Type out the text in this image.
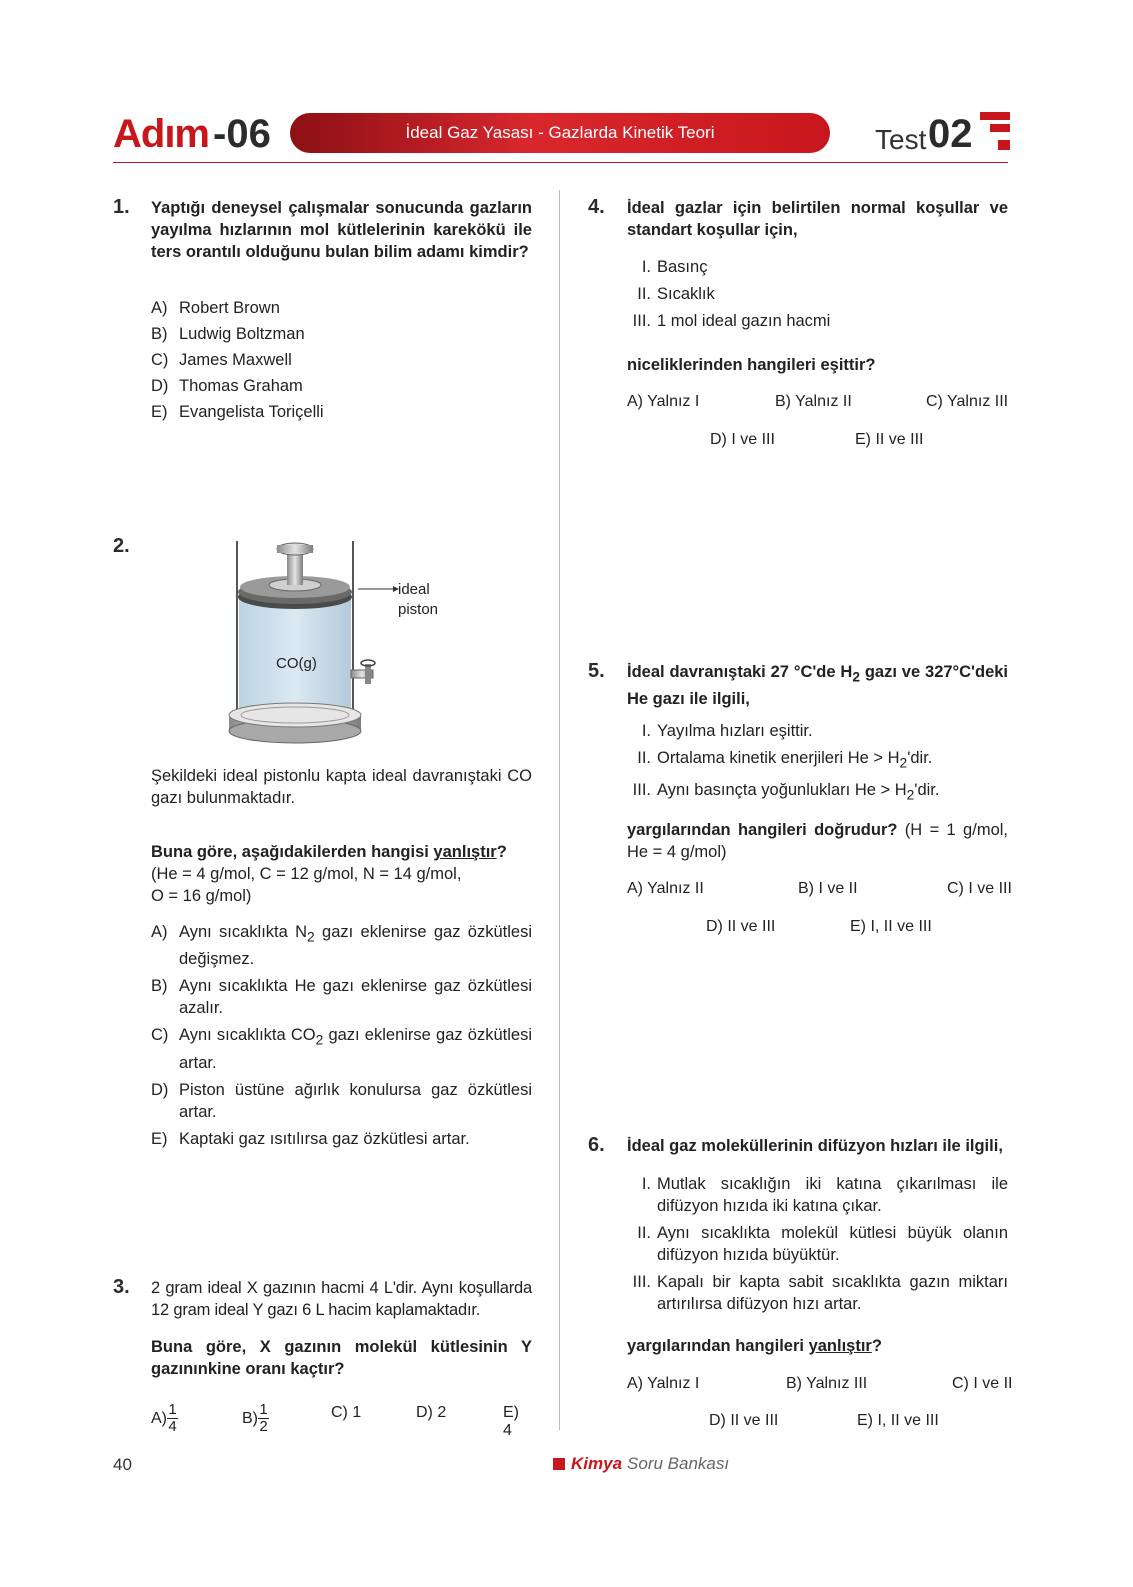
Adım -06	İdeal Gaz Yasası - Gazlarda Kinetik Teori	Test 02
1. Yaptığı deneysel çalışmalar sonucunda gazların yayılma hızlarının mol kütlelerinin karekökü ile ters orantılı olduğunu bulan bilim adamı kimdir?
A) Robert Brown
B) Ludwig Boltzman
C) James Maxwell
D) Thomas Graham
E) Evangelista Toriçelli
2.
ideal
piston
CO(g)
Şekildeki ideal pistonlu kapta ideal davranıştaki CO gazı bulunmaktadır.
Buna göre, aşağıdakilerden hangisi yanlıştır?
(He = 4 g/mol, C = 12 g/mol, N = 14 g/mol,
O = 16 g/mol)
A) Aynı sıcaklıkta $N_2$ gazı eklenirse gaz özkütlesi değişmez.
B) Aynı sıcaklıkta He gazı eklenirse gaz özkütlesi azalır.
C) Aynı sıcaklıkta $CO_2$ gazı eklenirse gaz özkütlesi artar.
D) Piston üstüne ağırlık konulursa gaz özkütlesi artar.
E) Kaptaki gaz ısıtılırsa gaz özkütlesi artar.
3. 2 gram ideal X gazının hacmi 4 L'dir. Aynı koşullarda 12 gram ideal Y gazı 6 L hacim kaplamaktadır.
Buna göre, X gazının molekül kütlesinin Y gazınınkine oranı kaçtır?
$A) \frac{1}{4}$	$B) \frac{1}{2}$	C) 1	D) 2	E) 4
4. İdeal gazlar için belirtilen normal koşullar ve standart koşullar için,
I. Basınç
II. Sıcaklık
III. 1 mol ideal gazın hacmi
niceliklerinden hangileri eşittir?
A) Yalnız I	B) Yalnız II	C) Yalnız III
D) I ve III	E) II ve III
5. İdeal davranıştaki 27 °C'de $H_2$ gazı ve 327°C'deki He gazı ile ilgili,
I. Yayılma hızları eşittir.
II. Ortalama kinetik enerjileri $He > H_2'dir$.
III. Aynı basınçta yoğunlukları $He > H_2'dir$.
yargılarından hangileri doğrudur? (H = 1 g/mol, He = 4 g/mol)
A) Yalnız II	B) I ve II	C) I ve III
D) II ve III	E) I, II ve III
6. İdeal gaz moleküllerinin difüzyon hızları ile ilgili,
I. Mutlak sıcaklığın iki katına çıkarılması ile difüzyon hızıda iki katına çıkar.
II. Aynı sıcaklıkta molekül kütlesi büyük olanın difüzyon hızıda büyüktür.
III. Kapalı bir kapta sabit sıcaklıkta gazın miktarı artırılırsa difüzyon hızı artar.
yargılarından hangileri yanlıştır?
A) Yalnız I	B) Yalnız III	C) I ve II
D) II ve III	E) I, II ve III
40	Kimya Soru Bankası
